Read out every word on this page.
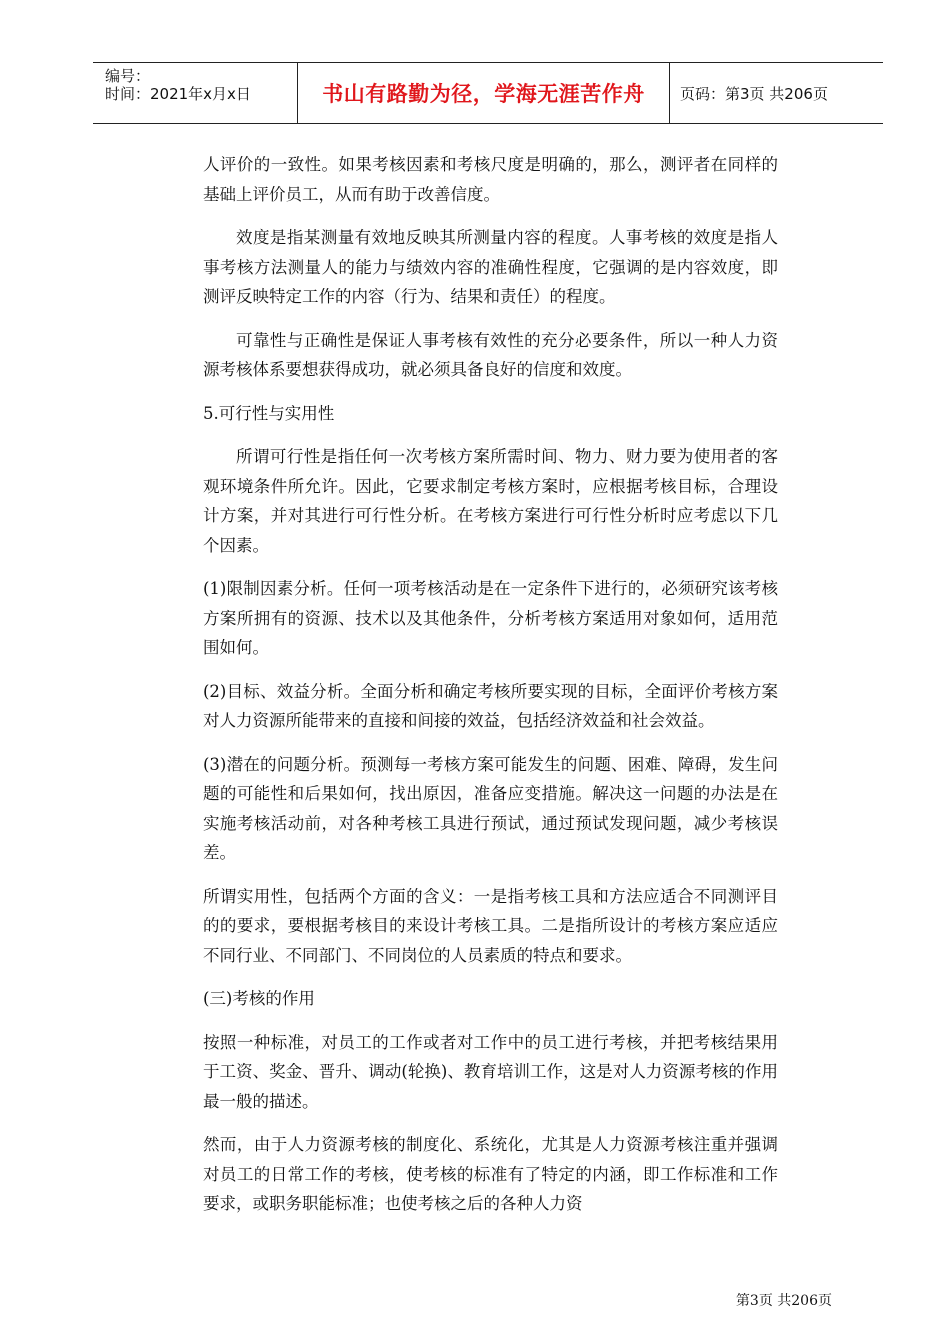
编号：
时间：2021年x月x日	书山有路勤为径，学海无涯苦作舟	页码：第3页 共206页

人评价的一致性。如果考核因素和考核尺度是明确的，那么，测评者在同样的基础上评价员工，从而有助于改善信度。

效度是指某测量有效地反映其所测量内容的程度。人事考核的效度是指人事考核方法测量人的能力与绩效内容的准确性程度，它强调的是内容效度，即测评反映特定工作的内容（行为、结果和责任）的程度。

可靠性与正确性是保证人事考核有效性的充分必要条件，所以一种人力资源考核体系要想获得成功，就必须具备良好的信度和效度。

5.可行性与实用性

所谓可行性是指任何一次考核方案所需时间、物力、财力要为使用者的客观环境条件所允许。因此，它要求制定考核方案时，应根据考核目标，合理设计方案，并对其进行可行性分析。在考核方案进行可行性分析时应考虑以下几个因素。

(1)限制因素分析。任何一项考核活动是在一定条件下进行的，必须研究该考核方案所拥有的资源、技术以及其他条件，分析考核方案适用对象如何，适用范围如何。

(2)目标、效益分析。全面分析和确定考核所要实现的目标，全面评价考核方案对人力资源所能带来的直接和间接的效益，包括经济效益和社会效益。

(3)潜在的问题分析。预测每一考核方案可能发生的问题、困难、障碍，发生问题的可能性和后果如何，找出原因，准备应变措施。解决这一问题的办法是在实施考核活动前，对各种考核工具进行预试，通过预试发现问题，减少考核误差。

所谓实用性，包括两个方面的含义：一是指考核工具和方法应适合不同测评目的的要求，要根据考核目的来设计考核工具。二是指所设计的考核方案应适应不同行业、不同部门、不同岗位的人员素质的特点和要求。

(三)考核的作用

按照一种标准，对员工的工作或者对工作中的员工进行考核，并把考核结果用于工资、奖金、晋升、调动(轮换)、教育培训工作，这是对人力资源考核的作用最一般的描述。

然而，由于人力资源考核的制度化、系统化，尤其是人力资源考核注重并强调对员工的日常工作的考核，使考核的标准有了特定的内涵，即工作标准和工作要求，或职务职能标准；也使考核之后的各种人力资

第3页 共206页
